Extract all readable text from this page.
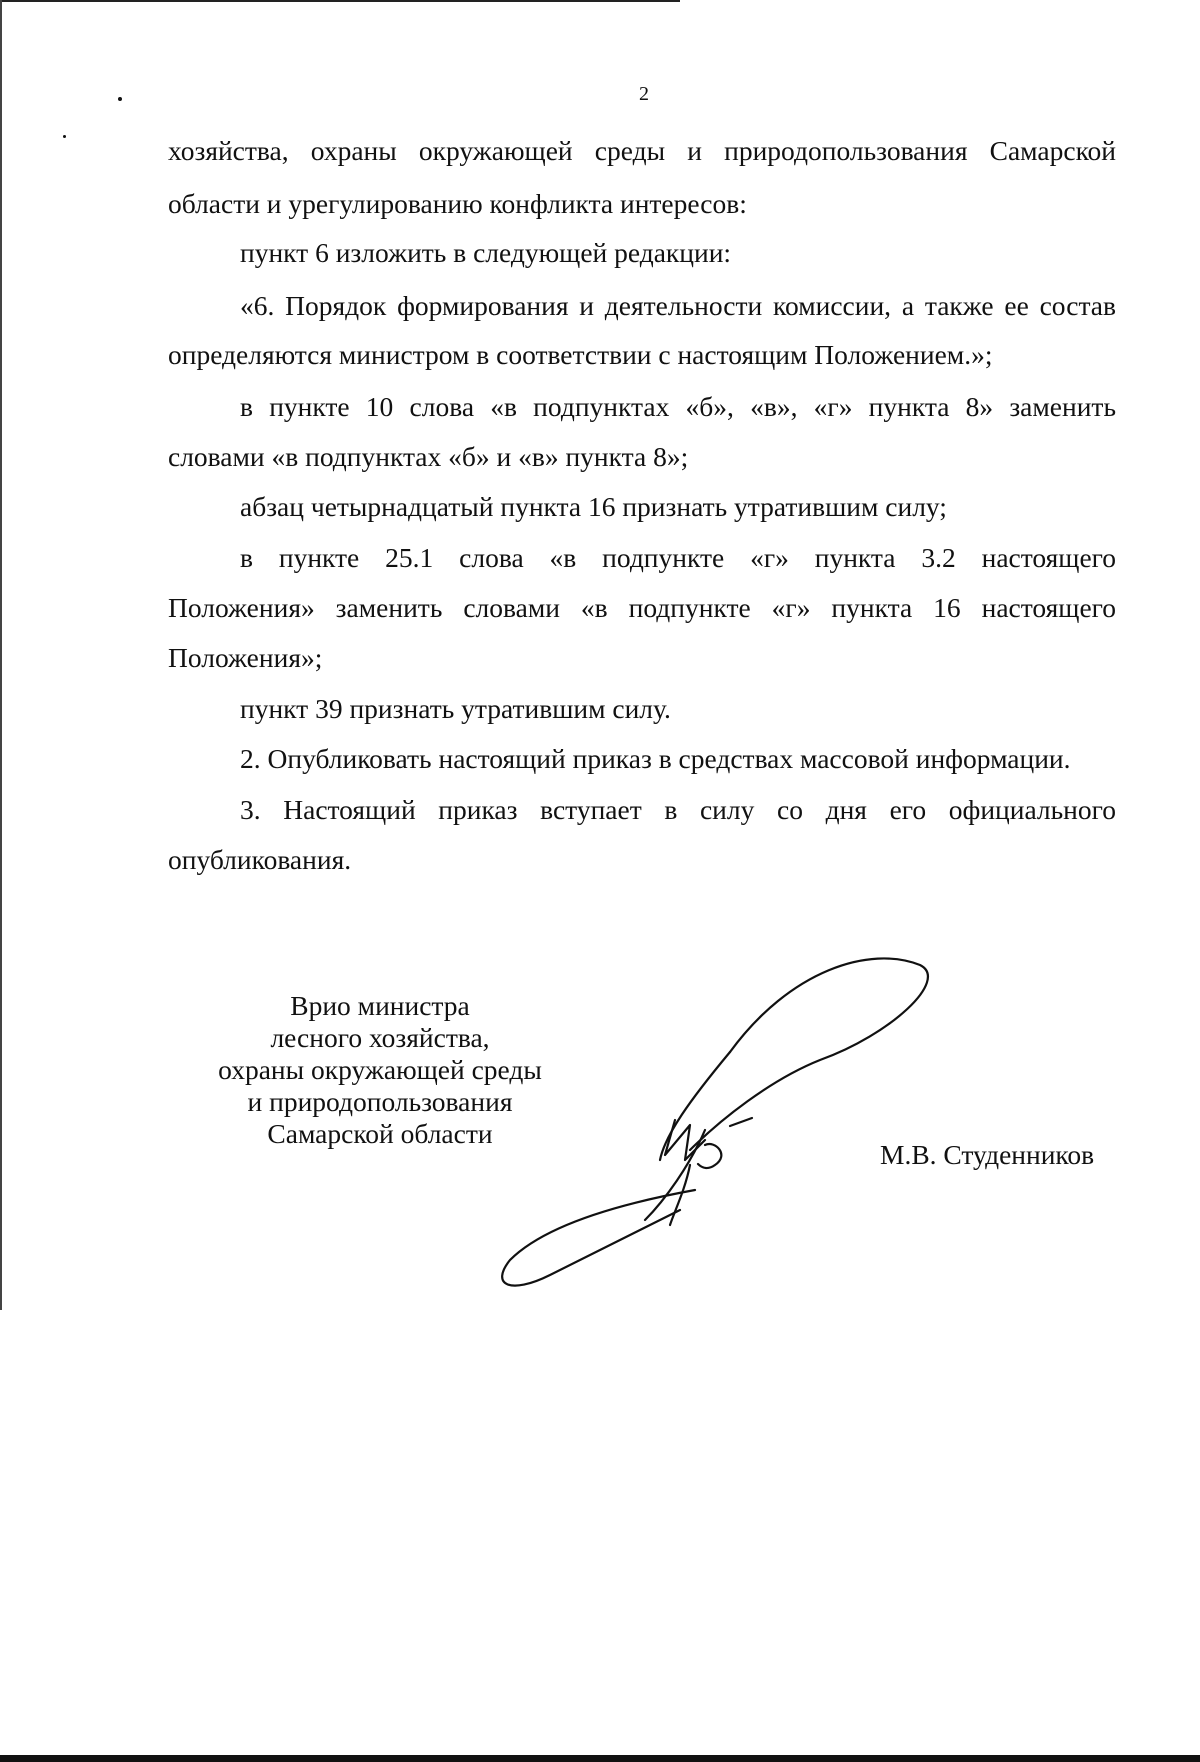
2
хозяйства, охраны окружающей среды и природопользования Самарской
области и урегулированию конфликта интересов:
пункт 6 изложить в следующей редакции:
«6. Порядок формирования и деятельности комиссии, а также ее состав
определяются министром в соответствии с настоящим Положением.»;
в пункте 10 слова «в подпунктах «б», «в», «г» пункта 8» заменить
словами «в подпунктах «б» и «в» пункта 8»;
абзац четырнадцатый пункта 16 признать утратившим силу;
в пункте 25.1 слова «в подпункте «г» пункта 3.2 настоящего
Положения» заменить словами «в подпункте «г» пункта 16 настоящего
Положения»;
пункт 39 признать утратившим силу.
2. Опубликовать настоящий приказ в средствах массовой информации.
3. Настоящий приказ вступает в силу со дня его официального
опубликования.
Врио министра
лесного хозяйства,
охраны окружающей среды
и природопользования
Самарской области
М.В. Студенников
